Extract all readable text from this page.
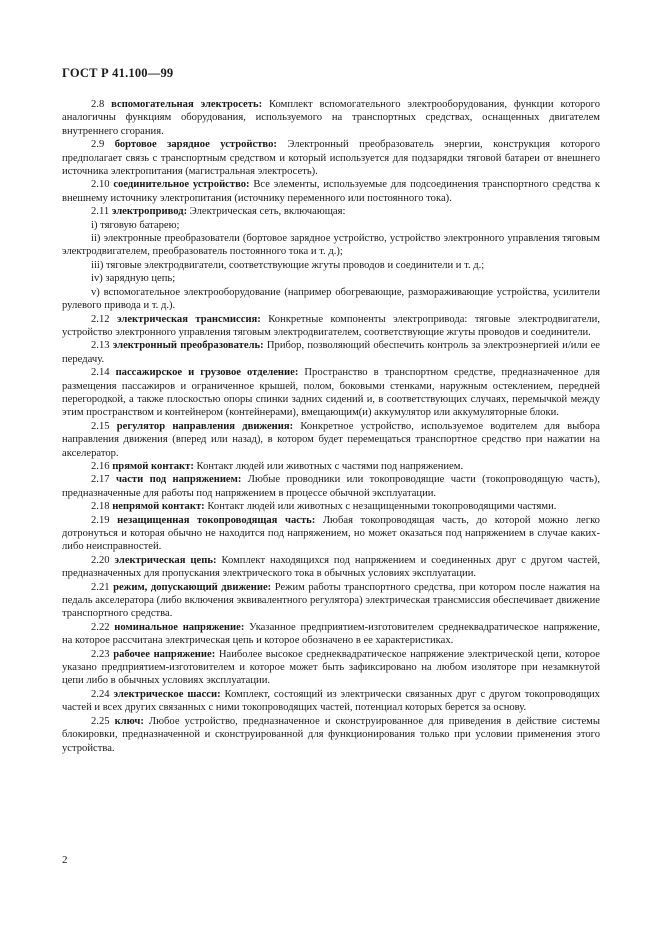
ГОСТ Р 41.100—99

2.8 вспомогательная электросеть: Комплект вспомогательного электрооборудования, функции которого аналогичны функциям оборудования, используемого на транспортных средствах, оснащенных двигателем внутреннего сгорания.

2.9 бортовое зарядное устройство: Электронный преобразователь энергии, конструкция которого предполагает связь с транспортным средством и который используется для подзарядки тяговой батареи от внешнего источника электропитания (магистральная электросеть).

2.10 соединительное устройство: Все элементы, используемые для подсоединения транспортного средства к внешнему источнику электропитания (источнику переменного или постоянного тока).

2.11 электропривод: Электрическая сеть, включающая:

i) тяговую батарею;

ii) электронные преобразователи (бортовое зарядное устройство, устройство электронного управления тяговым электродвигателем, преобразователь постоянного тока и т. д.);

iii) тяговые электродвигатели, соответствующие жгуты проводов и соединители и т. д.;

iv) зарядную цепь;

v) вспомогательное электрооборудование (например обогревающие, размораживающие устройства, усилители рулевого привода и т. д.).

2.12 электрическая трансмиссия: Конкретные компоненты электропривода: тяговые электродвигатели, устройство электронного управления тяговым электродвигателем, соответствующие жгуты проводов и соединители.

2.13 электронный преобразователь: Прибор, позволяющий обеспечить контроль за электроэнергией и/или ее передачу.

2.14 пассажирское и грузовое отделение: Пространство в транспортном средстве, предназначенное для размещения пассажиров и ограниченное крышей, полом, боковыми стенками, наружным остеклением, передней перегородкой, а также плоскостью опоры спинки задних сидений и, в соответствующих случаях, перемычкой между этим пространством и контейнером (контейнерами), вмещающим(и) аккумулятор или аккумуляторные блоки.

2.15 регулятор направления движения: Конкретное устройство, используемое водителем для выбора направления движения (вперед или назад), в котором будет перемещаться транспортное средство при нажатии на акселератор.

2.16 прямой контакт: Контакт людей или животных с частями под напряжением.

2.17 части под напряжением: Любые проводники или токопроводящие части (токопроводящую часть), предназначенные для работы под напряжением в процессе обычной эксплуатации.

2.18 непрямой контакт: Контакт людей или животных с незащищенными токопроводящими частями.

2.19 незащищенная токопроводящая часть: Любая токопроводящая часть, до которой можно легко дотронуться и которая обычно не находится под напряжением, но может оказаться под напряжением в случае каких-либо неисправностей.

2.20 электрическая цепь: Комплект находящихся под напряжением и соединенных друг с другом частей, предназначенных для пропускания электрического тока в обычных условиях эксплуатации.

2.21 режим, допускающий движение: Режим работы транспортного средства, при котором после нажатия на педаль акселератора (либо включения эквивалентного регулятора) электрическая трансмиссия обеспечивает движение транспортного средства.

2.22 номинальное напряжение: Указанное предприятием-изготовителем среднеквадратическое напряжение, на которое рассчитана электрическая цепь и которое обозначено в ее характеристиках.

2.23 рабочее напряжение: Наиболее высокое среднеквадратическое напряжение электрической цепи, которое указано предприятием-изготовителем и которое может быть зафиксировано на любом изоляторе при незамкнутой цепи либо в обычных условиях эксплуатации.

2.24 электрическое шасси: Комплект, состоящий из электрически связанных друг с другом токопроводящих частей и всех других связанных с ними токопроводящих частей, потенциал которых берется за основу.

2.25 ключ: Любое устройство, предназначенное и сконструированное для приведения в действие системы блокировки, предназначенной и сконструированной для функционирования только при условии применения этого устройства.

2
